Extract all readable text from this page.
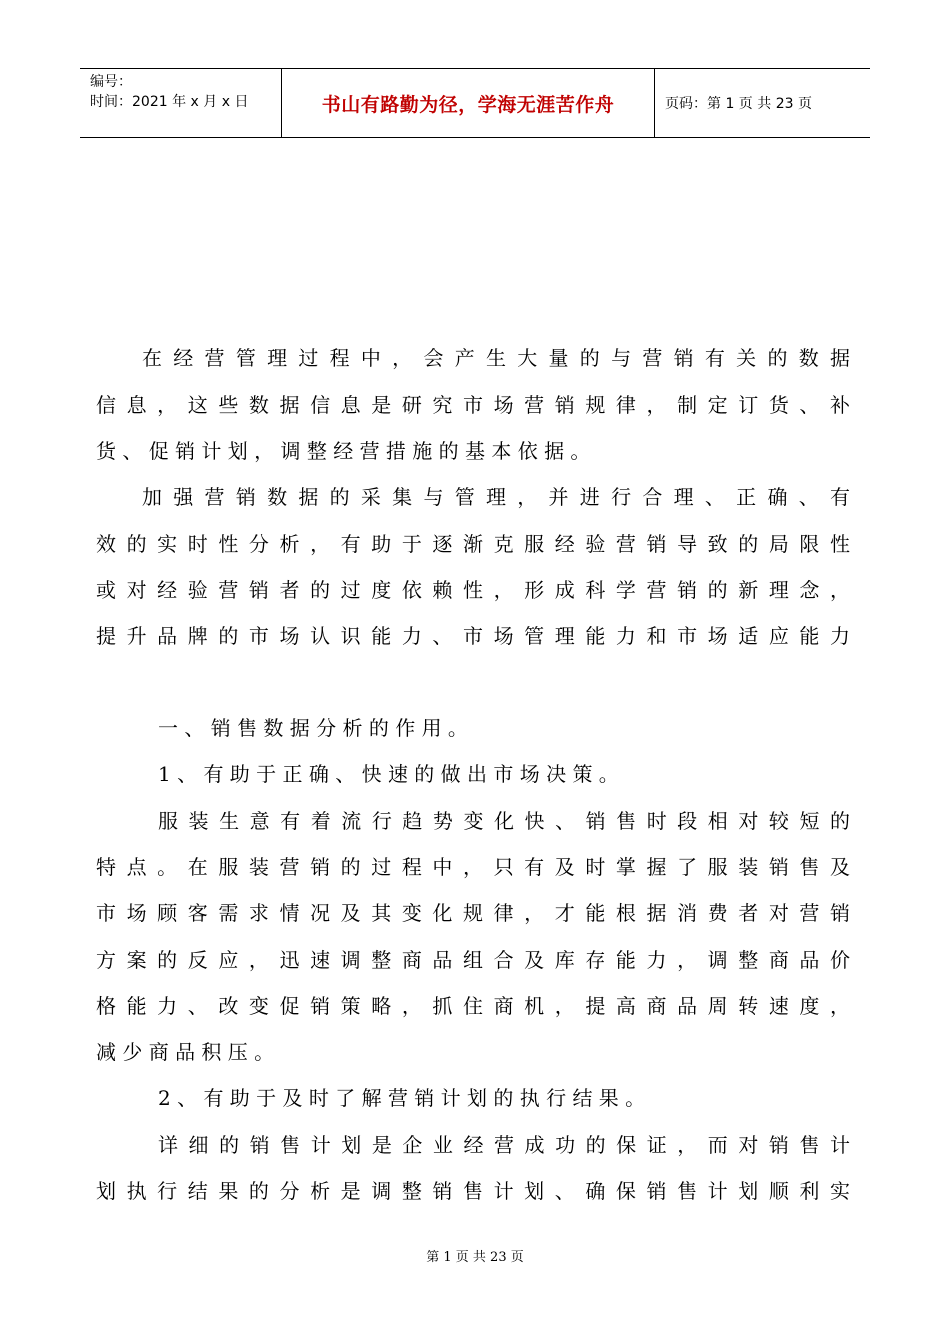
编号：
时间：2021 年 x 月 x 日	书山有路勤为径，学海无涯苦作舟	页码：第 1 页 共 23 页
在 经 营 管 理 过 程 中 ， 会 产 生 大 量 的 与 营 销 有 关 的 数 据
信 息 ， 这 些 数 据 信 息 是 研 究 市 场 营 销 规 律 ， 制 定 订 货 、 补
货 、 促 销 计 划 ， 调 整 经 营 措 施 的 基 本 依 据 。
加 强 营 销 数 据 的 采 集 与 管 理 ， 并 进 行 合 理 、 正 确 、 有
效 的 实 时 性 分 析 ， 有 助 于 逐 渐 克 服 经 验 营 销 导 致 的 局 限 性
或 对 经 验 营 销 者 的 过 度 依 赖 性 ， 形 成 科 学 营 销 的 新 理 念 ，
提 升 品 牌 的 市 场 认 识 能 力 、 市 场 管 理 能 力 和 市 场 适 应 能 力
一 、 销 售 数 据 分 析 的 作 用 。
1 、 有 助 于 正 确 、 快 速 的 做 出 市 场 决 策 。
服 装 生 意 有 着 流 行 趋 势 变 化 快 、 销 售 时 段 相 对 较 短 的
特 点 。 在 服 装 营 销 的 过 程 中 ， 只 有 及 时 掌 握 了 服 装 销 售 及
市 场 顾 客 需 求 情 况 及 其 变 化 规 律 ， 才 能 根 据 消 费 者 对 营 销
方 案 的 反 应 ， 迅 速 调 整 商 品 组 合 及 库 存 能 力 ， 调 整 商 品 价
格 能 力 、 改 变 促 销 策 略 ， 抓 住 商 机 ， 提 高 商 品 周 转 速 度 ，
减 少 商 品 积 压 。
2 、 有 助 于 及 时 了 解 营 销 计 划 的 执 行 结 果 。
详 细 的 销 售 计 划 是 企 业 经 营 成 功 的 保 证 ， 而 对 销 售 计
划 执 行 结 果 的 分 析 是 调 整 销 售 计 划 、 确 保 销 售 计 划 顺 利 实
第 1 页 共 23 页
